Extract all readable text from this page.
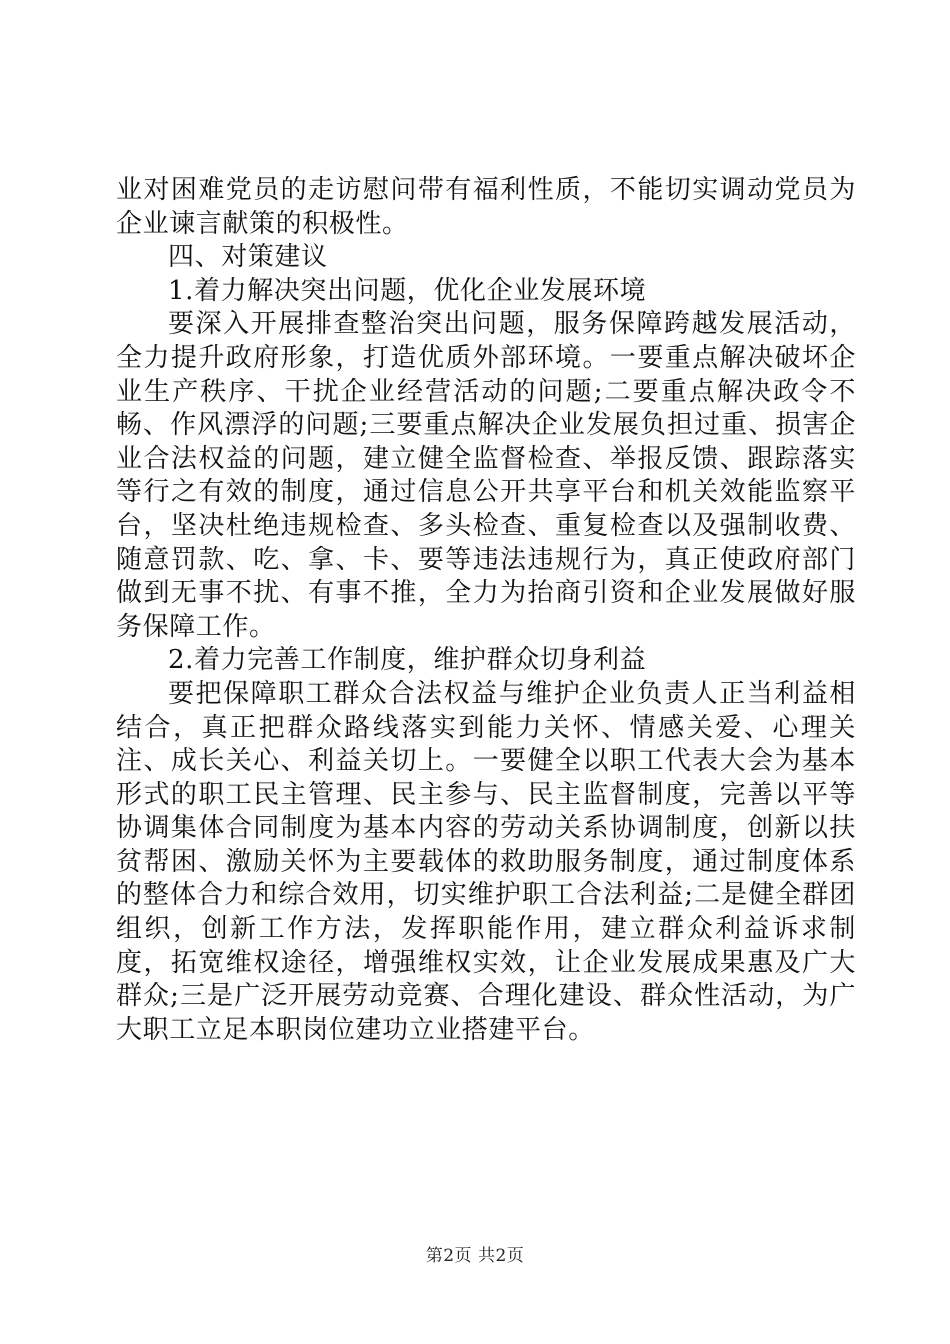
业对困难党员的走访慰问带有福利性质，不能切实调动党员为企业谏言献策的积极性。

四、对策建议

1.着力解决突出问题，优化企业发展环境

要深入开展排查整治突出问题，服务保障跨越发展活动，全力提升政府形象，打造优质外部环境。一要重点解决破坏企业生产秩序、干扰企业经营活动的问题;二要重点解决政令不畅、作风漂浮的问题;三要重点解决企业发展负担过重、损害企业合法权益的问题，建立健全监督检查、举报反馈、跟踪落实等行之有效的制度，通过信息公开共享平台和机关效能监察平台，坚决杜绝违规检查、多头检查、重复检查以及强制收费、随意罚款、吃、拿、卡、要等违法违规行为，真正使政府部门做到无事不扰、有事不推，全力为抬商引资和企业发展做好服务保障工作。

2.着力完善工作制度，维护群众切身利益

要把保障职工群众合法权益与维护企业负责人正当利益相结合，真正把群众路线落实到能力关怀、情感关爱、心理关注、成长关心、利益关切上。一要健全以职工代表大会为基本形式的职工民主管理、民主参与、民主监督制度，完善以平等协调集体合同制度为基本内容的劳动关系协调制度，创新以扶贫帮困、激励关怀为主要载体的救助服务制度，通过制度体系的整体合力和综合效用，切实维护职工合法利益;二是健全群团组织，创新工作方法，发挥职能作用，建立群众利益诉求制度，拓宽维权途径，增强维权实效，让企业发展成果惠及广大群众;三是广泛开展劳动竞赛、合理化建设、群众性活动，为广大职工立足本职岗位建功立业搭建平台。

第2页 共2页
